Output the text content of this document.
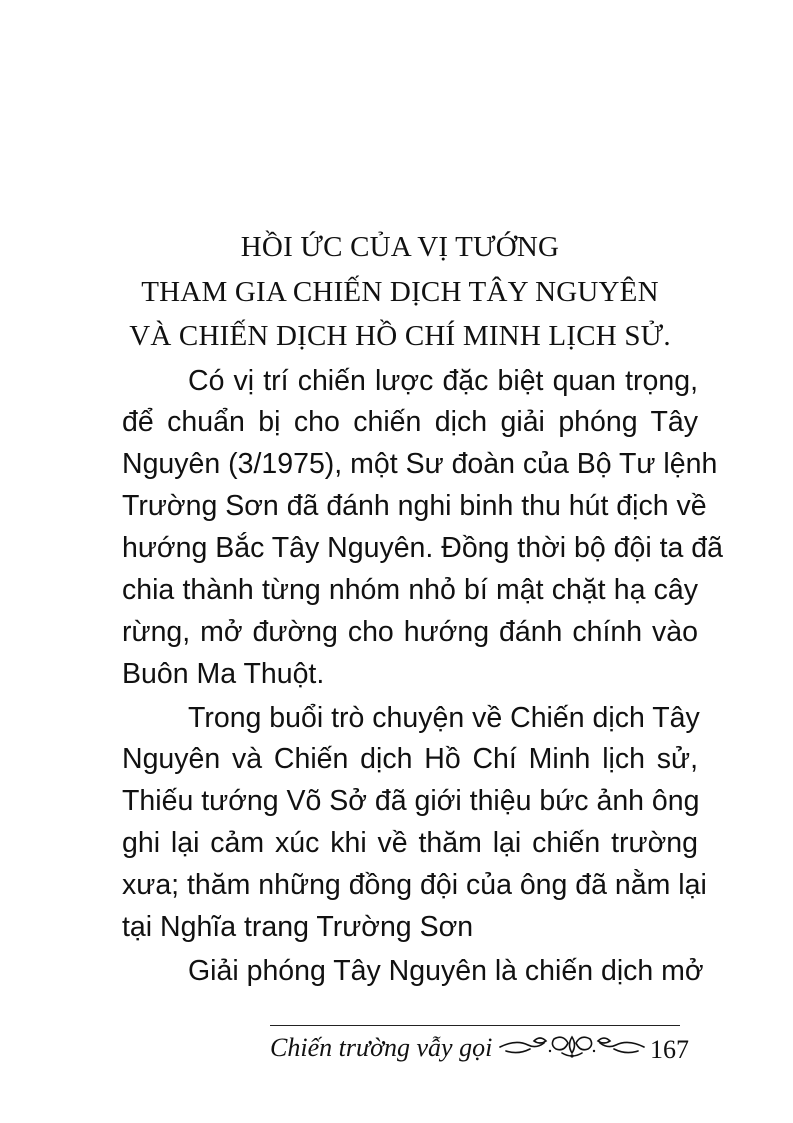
HỒI ỨC CỦA VỊ TƯỚNG
THAM GIA CHIẾN DỊCH TÂY NGUYÊN
VÀ CHIẾN DỊCH HỒ CHÍ MINH LỊCH SỬ.

Có vị trí chiến lược đặc biệt quan trọng,

để chuẩn bị cho chiến dịch giải phóng Tây

Nguyên (3/1975), một Sư đoàn của Bộ Tư lệnh

Trường Sơn đã đánh nghi binh thu hút địch về

hướng Bắc Tây Nguyên. Đồng thời bộ đội ta đã

chia thành từng nhóm nhỏ bí mật chặt hạ cây

rừng, mở đường cho hướng đánh chính vào

Buôn Ma Thuột.

Trong buổi trò chuyện về Chiến dịch Tây

Nguyên và Chiến dịch Hồ Chí Minh lịch sử,

Thiếu tướng Võ Sở đã giới thiệu bức ảnh ông

ghi lại cảm xúc khi về thăm lại chiến trường

xưa; thăm những đồng đội của ông đã nằm lại

tại Nghĩa trang Trường Sơn

Giải phóng Tây Nguyên là chiến dịch mở

Chiến trường vẫy gọi	167
